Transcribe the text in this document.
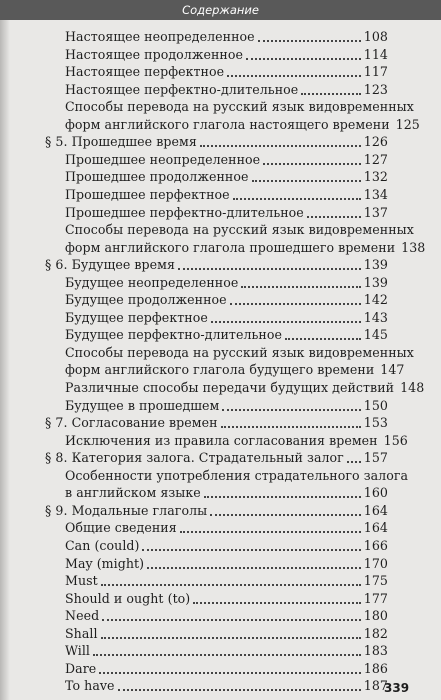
Содержание
Настоящее неопределенное	108
Настоящее продолженное	114
Настоящее перфектное	117
Настоящее перфектно-длительное	123
Способы перевода на русский язык видовременных
форм английского глагола настоящего времени 125
§ 5. Прошедшее время	126
Прошедшее неопределенное	127
Прошедшее продолженное	132
Прошедшее перфектное	134
Прошедшее перфектно-длительное	137
Способы перевода на русский язык видовременных
форм английского глагола прошедшего времени 138
§ 6. Будущее время	139
Будущее неопределенное	139
Будущее продолженное	142
Будущее перфектное	143
Будущее перфектно-длительное	145
Способы перевода на русский язык видовременных
форм английского глагола будущего времени 147
Различные способы передачи будущих действий 148
Будущее в прошедшем	150
§ 7. Согласование времен	153
Исключения из правила согласования времен 156
§ 8. Категория залога. Страдательный залог 157
Особенности употребления страдательного залога
в английском языке	160
§ 9. Модальные глаголы	164
Общие сведения	164
Can (could)	166
May (might)	170
Must	175
Should и ought (to)	177
Need	180
Shall	182
Will	183
Dare	186
To have	187
339
